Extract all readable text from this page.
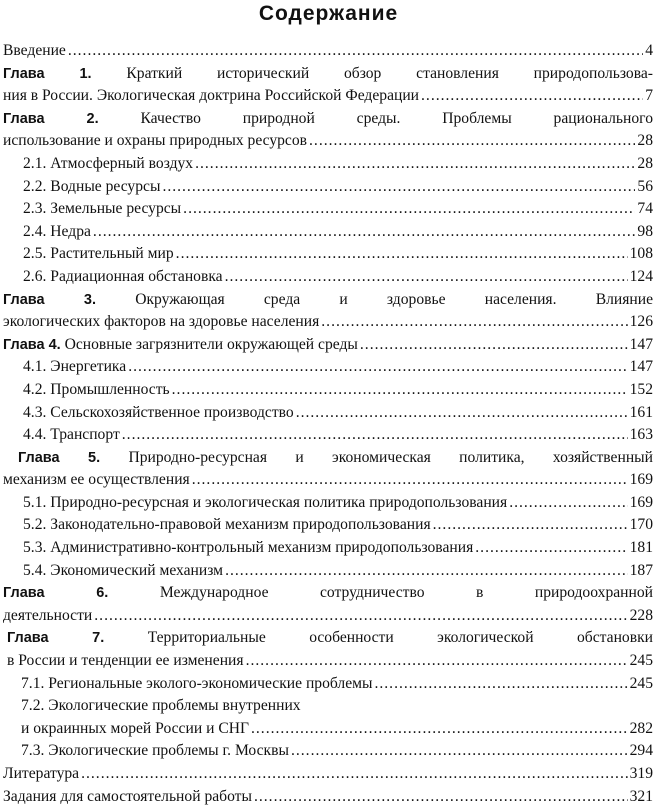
Содержание
Введение .....	4
Глава 1. Краткий исторический обзор становления природопользова-
ния в России. Экологическая доктрина Российской Федерации .....	7
Глава 2.	Качество природной среды. Проблемы рационального
использование и охраны природных ресурсов .....	28
2.1. Атмосферный воздух .....	28
2.2. Водные ресурсы .....	56
2.3. Земельные ресурсы .....	74
2.4. Недра .....	98
2.5. Растительный мир .....	108
2.6. Радиационная обстановка .....	124
Глава 3.	Окружающая среда и здоровье населения. Влияние
экологических факторов на здоровье населения .....	126
Глава 4.
Основные загрязнители окружающей среды .....	147
4.1. Энергетика .....	147
4.2. Промышленность .....	152
4.3. Сельскохозяйственное производство .....	161
4.4. Транспорт .....	163
Глава 5. Природно-ресурсная и экономическая политика, хозяйственный
механизм ее осуществления .....	169
5.1. Природно-ресурсная и экологическая политика природопользования .....	169
5.2. Законодательно-правовой механизм природопользования .....	170
5.3. Административно-контрольный механизм природопользования .....	181
5.4. Экономический механизм .....	187
Глава 6.	Международное сотрудничество в природоохранной
деятельности .....	228
Глава 7.	Территориальные особенности экологической обстановки
в России и тенденции ее изменения .....	245
7.1. Региональные эколого-экономические проблемы .....	245
7.2. Экологические проблемы внутренних
и окраинных морей России и СНГ .....	282
7.3. Экологические проблемы г. Москвы .....	294
Литература .....	319
Задания для самостоятельной работы .....	321
